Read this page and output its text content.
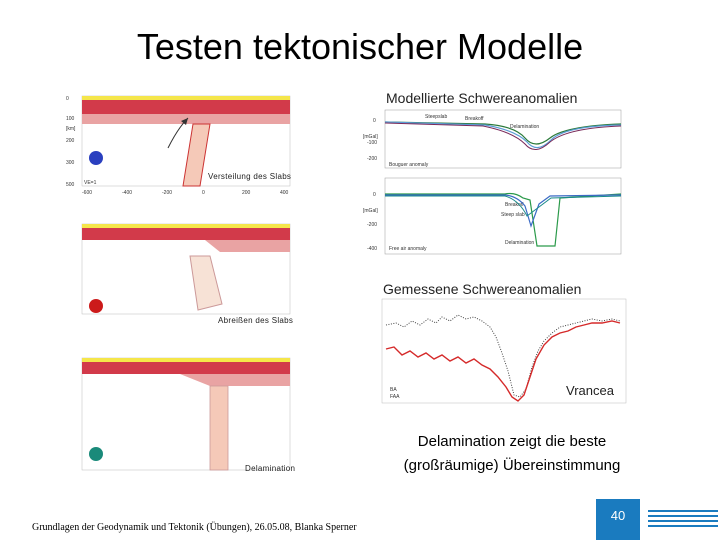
Testen tektonischer Modelle
Modellierte Schwereanomalien
Gemessene Schwereanomalien
0
100
[km]
200
300
500
-600	-400	-200	0	200	400
VE=1
Versteilung des Slabs
Abreißen des Slabs
Delamination
0
[mGal]
-100
-200
Bouguer anomaly
Steepslab	Breakoff
Delamination
0
[mGal]
-200
-400 Free air anomaly
Breakoff
Steep slab
Delamination
BA
FAA	Vrancea
Delamination zeigt die beste
(großräumige) Übereinstimmung
Grundlagen der Geodynamik und Tektonik (Übungen), 26.05.08, Blanka Sperner
40
